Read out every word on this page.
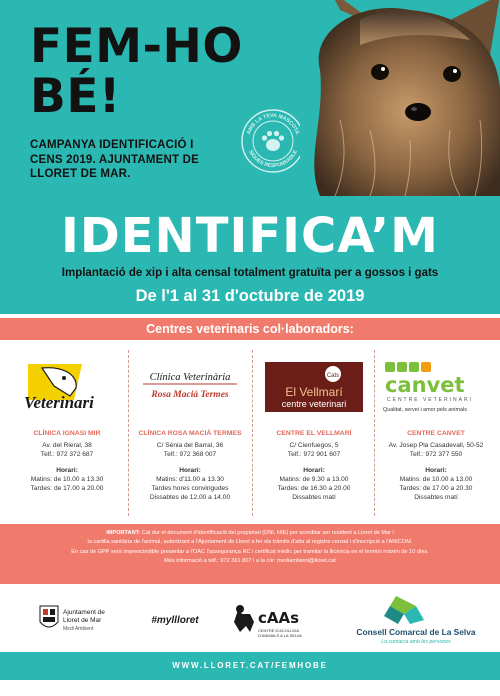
FEM-HO
BÉ!
CAMPANYA IDENTIFICACIÓ I
CENS 2019. AJUNTAMENT DE
LLORET DE MAR.
AMB LA TEVA MASCOTA
SIGUES RESPONSABLE
IDENTIFICA’M
Implantació de xip i alta censal totalment gratuïta per a gossos i gats
De l'1 al 31 d'octubre de 2019
Centres veterinaris col·laboradors:
Veterinari
CLÍNICA IGNASI MIR
Av. del Rieral, 38
Telf.: 972 372 687
Horari:
Matins: de 10.00 a 13.30
Tardes: de 17.00 a 20.00
Clínica Veterinària
Rosa Macià Termes
CLÍNICA ROSA MACIÀ TERMES
C/ Sènia del Barral, 36
Telf.: 972 368 007
Horari:
Matins: d'11.00 a 13.30
Tardes hores convingudes
Dissabtes de 12.00 a 14.00
Cats
El Vellmarí
centre veterinari
CENTRE EL VELLMARÍ
C/ Cienfuegos, 5
Telf.: 972 901 607
Horari:
Matins: de 9.30 a 13.00
Tardes: de 16.30 a 20.00
Dissabtes matí
canvet
CENTRE VETERINARI
Qualitat, servei i amor pels animals
CENTRE CANVET
Av. Josep Pla Casadevall, 50-52
Telf.: 972 377 550
Horari:
Matins: de 10.00 a 13.00
Tardes: de 17.00 a 20.30
Dissabtes matí
IMPORTANT: Cal dur el document d'identificació del propietari (DNI, NIE) per acreditar ser resident a Lloret de Mar i
la cartilla sanitària de l'animal, autoritzant a l'Ajuntament de Lloret a fer els tràmits d'alta al registre censal i d'inscripció a l'ANICOM.
En cas de GPP serà imprescindible presentar a l'OAC l'assegurança RC i certificat mèdic per tramitar la llicència en el termini màxim de 10 dies.
Més informació a telf.: 972 361 807 i a la c/e: mediambient@lloret.cat
Ajuntament de
Lloret de Mar
Medi Ambient
#myllloret	cAAs
CENTRE D'ACOLLIDA
D'ANIMALS A LA SELVA	Consell Comarcal de La Selva
La comarca amb les persones
WWW.LLORET.CAT/FEMHOBE
